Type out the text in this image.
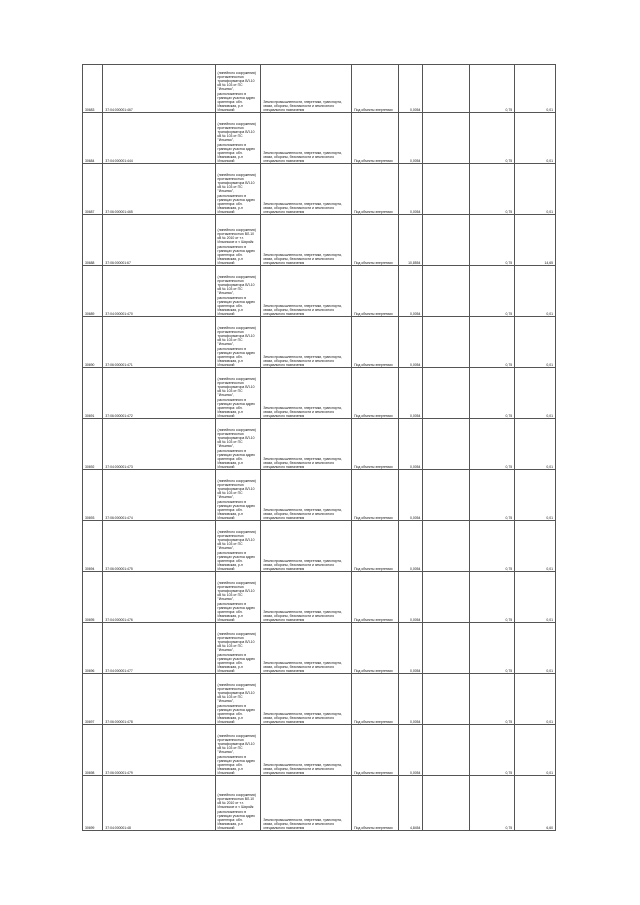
30683	37:04:000001:467	(линейного сооружения) протяженностью трансформатора ВЛ-10 кВ № 103 от ПС "Ильинск", расположенного в границах участка адрес ориентира: обл. Ивановская, р-н Ильинский	Земли промышленности, энергетики, транспорта, связи, обороны, безопасности и земли иного специального назначения	Под объекты энергетики	0,0054		0,75	0,01
30684	37:04:000001:444	(линейного сооружения) протяженностью трансформатора ВЛ-10 кВ № 103 от ПС "Ильинск", расположенного в границах участка адрес ориентира: обл. Ивановская, р-н Ильинский	Земли промышленности, энергетики, транспорта, связи, обороны, безопасности и земли иного специального назначения	Под объекты энергетики	0,0054		0,75	0,01
30687	37:06:000001:465	(линейного сооружения) протяженностью трансформатора ВЛ-10 кВ № 103 от ПС "Ильинск", расположенного в границах участка адрес ориентира: обл. Ивановская, р-н Ильинский	Земли промышленности, энергетики, транспорта, связи, обороны, безопасности и земли иного специального назначения	Под объекты энергетики	0,0054		0,75	0,01
30688	37:06:000001:67	(линейного сооружения) протяженностью ВЛ-10 кВ № 2010 от т.т. Ильинское и т. Ширяйк расположенного в границах участка адрес ориентира: обл. Ивановская, р-н Ильинский	Земли промышленности, энергетики, транспорта, связи, обороны, безопасности и земли иного специального назначения	Под объекты энергетики	10,8554		0,75	14,65
30689	37:04:000001:470	(линейного сооружения) протяженностью трансформатора ВЛ-10 кВ № 103 от ПС "Ильинск", расположенного в границах участка адрес ориентира: обл. Ивановская, р-н Ильинский	Земли промышленности, энергетики, транспорта, связи, обороны, безопасности и земли иного специального назначения	Под объекты энергетики	0,0054		0,75	0,01
30690	37:06:000001:471	(линейного сооружения) протяженностью трансформатора ВЛ-10 кВ № 103 от ПС "Ильинск", расположенного в границах участка адрес ориентира: обл. Ивановская, р-н Ильинский	Земли промышленности, энергетики, транспорта, связи, обороны, безопасности и земли иного специального назначения	Под объекты энергетики	0,0054		0,75	0,01
30691	37:06:000001:472	(линейного сооружения) протяженностью трансформатора ВЛ-10 кВ № 103 от ПС "Ильинск", расположенного в границах участка адрес ориентира: обл. Ивановская, р-н Ильинский	Земли промышленности, энергетики, транспорта, связи, обороны, безопасности и земли иного специального назначения	Под объекты энергетики	0,0054		0,75	0,01
30692	37:04:000001:473	(линейного сооружения) протяженностью трансформатора ВЛ-10 кВ № 103 от ПС "Ильинск", расположенного в границах участка адрес ориентира: обл. Ивановская, р-н Ильинский	Земли промышленности, энергетики, транспорта, связи, обороны, безопасности и земли иного специального назначения	Под объекты энергетики	0,0054		0,75	0,01
30693	37:06:000001:474	(линейного сооружения) протяженностью трансформатора ВЛ-10 кВ № 103 от ПС "Ильинск", расположенного в границах участка адрес ориентира: обл. Ивановская, р-н Ильинский	Земли промышленности, энергетики, транспорта, связи, обороны, безопасности и земли иного специального назначения	Под объекты энергетики	0,0054		0,75	0,01
30694	37:06:000001:475	(линейного сооружения) протяженностью трансформатора ВЛ-10 кВ № 103 от ПС "Ильинск", расположенного в границах участка адрес ориентира: обл. Ивановская, р-н Ильинский	Земли промышленности, энергетики, транспорта, связи, обороны, безопасности и земли иного специального назначения	Под объекты энергетики	0,0054		0,75	0,01
30695	37:04:000001:476	(линейного сооружения) протяженностью трансформатора ВЛ-10 кВ № 103 от ПС "Ильинск", расположенного в границах участка адрес ориентира: обл. Ивановская, р-н Ильинский	Земли промышленности, энергетики, транспорта, связи, обороны, безопасности и земли иного специального назначения	Под объекты энергетики	0,0054		0,75	0,01
30696	37:04:000001:477	(линейного сооружения) протяженностью трансформатора ВЛ-10 кВ № 103 от ПС "Ильинск", расположенного в границах участка адрес ориентира: обл. Ивановская, р-н Ильинский	Земли промышленности, энергетики, транспорта, связи, обороны, безопасности и земли иного специального назначения	Под объекты энергетики	0,0054		0,75	0,01
30697	37:06:000001:478	(линейного сооружения) протяженностью трансформатора ВЛ-10 кВ № 103 от ПС "Ильинск", расположенного в границах участка адрес ориентира: обл. Ивановская, р-н Ильинский	Земли промышленности, энергетики, транспорта, связи, обороны, безопасности и земли иного специального назначения	Под объекты энергетики	0,0054		0,75	0,01
30698	37:06:000001:479	(линейного сооружения) протяженностью трансформатора ВЛ-10 кВ № 103 от ПС "Ильинск", расположенного в границах участка адрес ориентира: обл. Ивановская, р-н Ильинский	Земли промышленности, энергетики, транспорта, связи, обороны, безопасности и земли иного специального назначения	Под объекты энергетики	0,0054		0,75	0,01
30699	37:04:000001:48	(линейного сооружения) протяженностью ВЛ-10 кВ № 2010 от т.т. Ильинское и т. Ширяйк расположенного в границах участка адрес ориентира: обл. Ивановская, р-н Ильинский	Земли промышленности, энергетики, транспорта, связи, обороны, безопасности и земли иного специального назначения	Под объекты энергетики	4,8454		0,75	6,60
